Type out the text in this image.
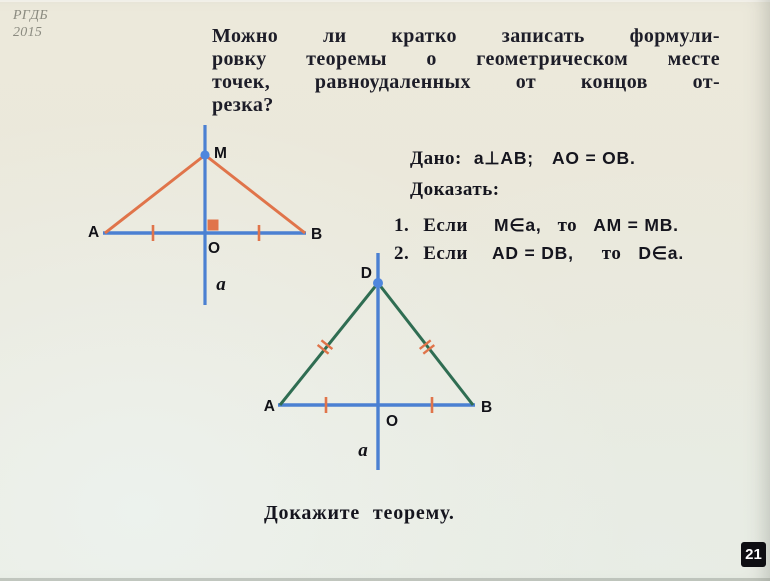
РГДБ
2015	Можно ли кратко записать формули-
ровку теоремы о геометрическом месте
точек, равноудаленных от концов от-
резка?
M
A	B
O
a
Дано: a⊥AB; AO = OB.
Доказать:
1. Если M∈a, то AM = MB.
2. Если AD = DB, то D∈a.
D
A	B
O
a
Докажите теорему.
21
